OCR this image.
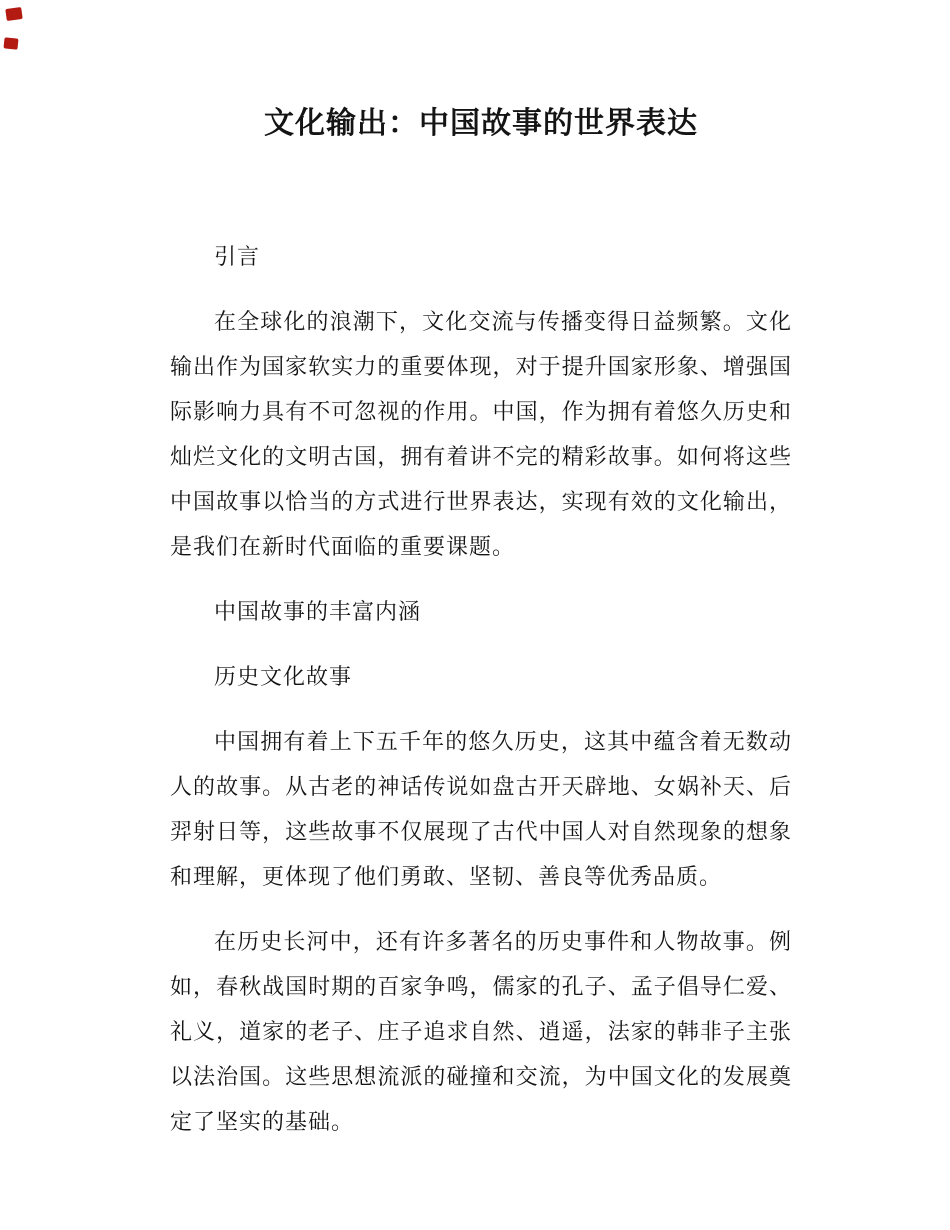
文化输出：中国故事的世界表达

引言

在全球化的浪潮下，文化交流与传播变得日益频繁。文化输出作为国家软实力的重要体现，对于提升国家形象、增强国际影响力具有不可忽视的作用。中国，作为拥有着悠久历史和灿烂文化的文明古国，拥有着讲不完的精彩故事。如何将这些中国故事以恰当的方式进行世界表达，实现有效的文化输出，是我们在新时代面临的重要课题。

中国故事的丰富内涵

历史文化故事

中国拥有着上下五千年的悠久历史，这其中蕴含着无数动人的故事。从古老的神话传说如盘古开天辟地、女娲补天、后羿射日等，这些故事不仅展现了古代中国人对自然现象的想象和理解，更体现了他们勇敢、坚韧、善良等优秀品质。

在历史长河中，还有许多著名的历史事件和人物故事。例如，春秋战国时期的百家争鸣，儒家的孔子、孟子倡导仁爱、礼义，道家的老子、庄子追求自然、逍遥，法家的韩非子主张以法治国。这些思想流派的碰撞和交流，为中国文化的发展奠定了坚实的基础。
